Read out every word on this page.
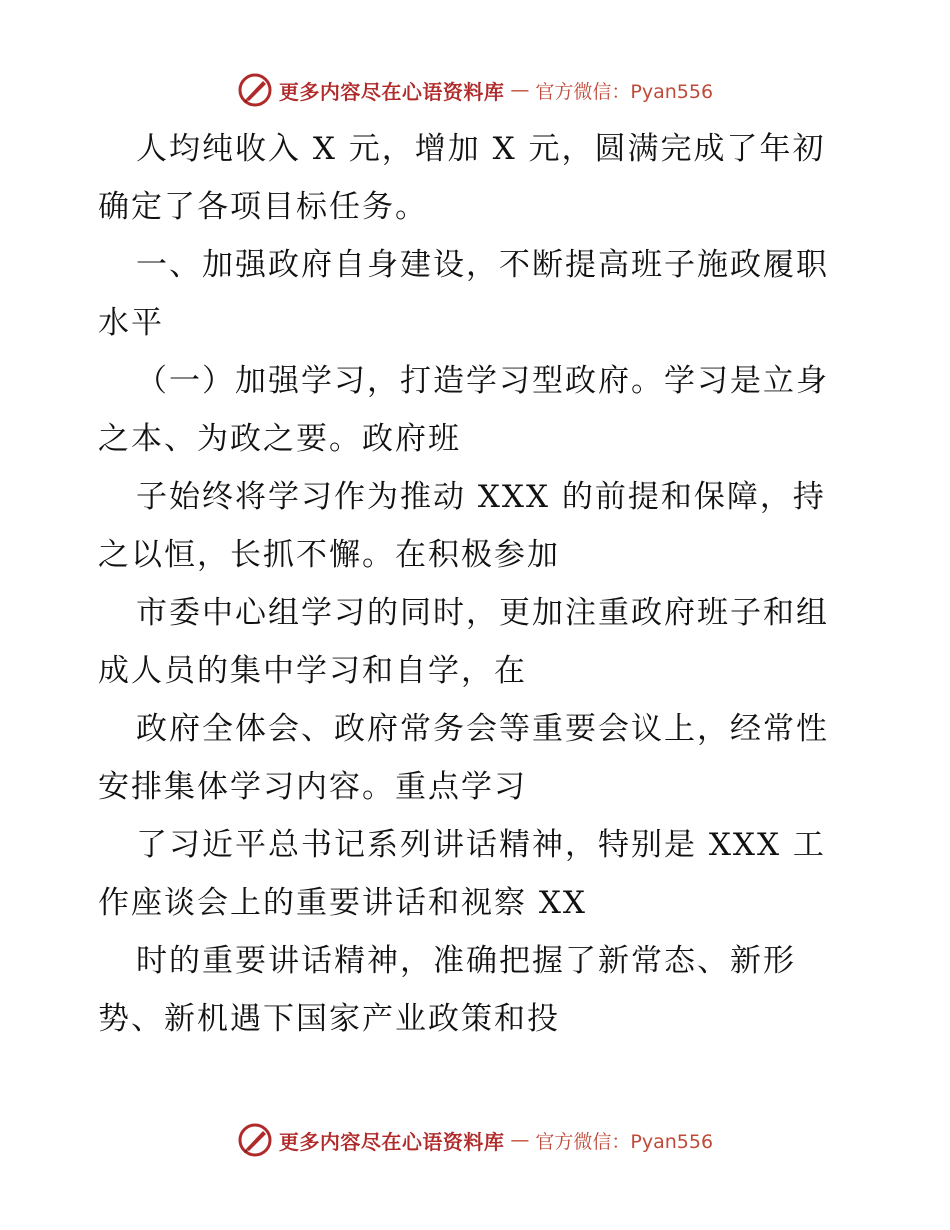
更多内容尽在心语资料库 — 官方微信：Pyan556
人均纯收入 X 元，增加 X 元，圆满完成了年初
确定了各项目标任务。
一、加强政府自身建设，不断提高班子施政履职
水平
（一）加强学习，打造学习型政府。学习是立身
之本、为政之要。政府班
子始终将学习作为推动 XXX 的前提和保障，持
之以恒，长抓不懈。在积极参加
市委中心组学习的同时，更加注重政府班子和组
成人员的集中学习和自学，在
政府全体会、政府常务会等重要会议上，经常性
安排集体学习内容。重点学习
了习近平总书记系列讲话精神，特别是 XXX 工
作座谈会上的重要讲话和视察 XX
时的重要讲话精神，准确把握了新常态、新形
势、新机遇下国家产业政策和投
更多内容尽在心语资料库 — 官方微信：Pyan556
